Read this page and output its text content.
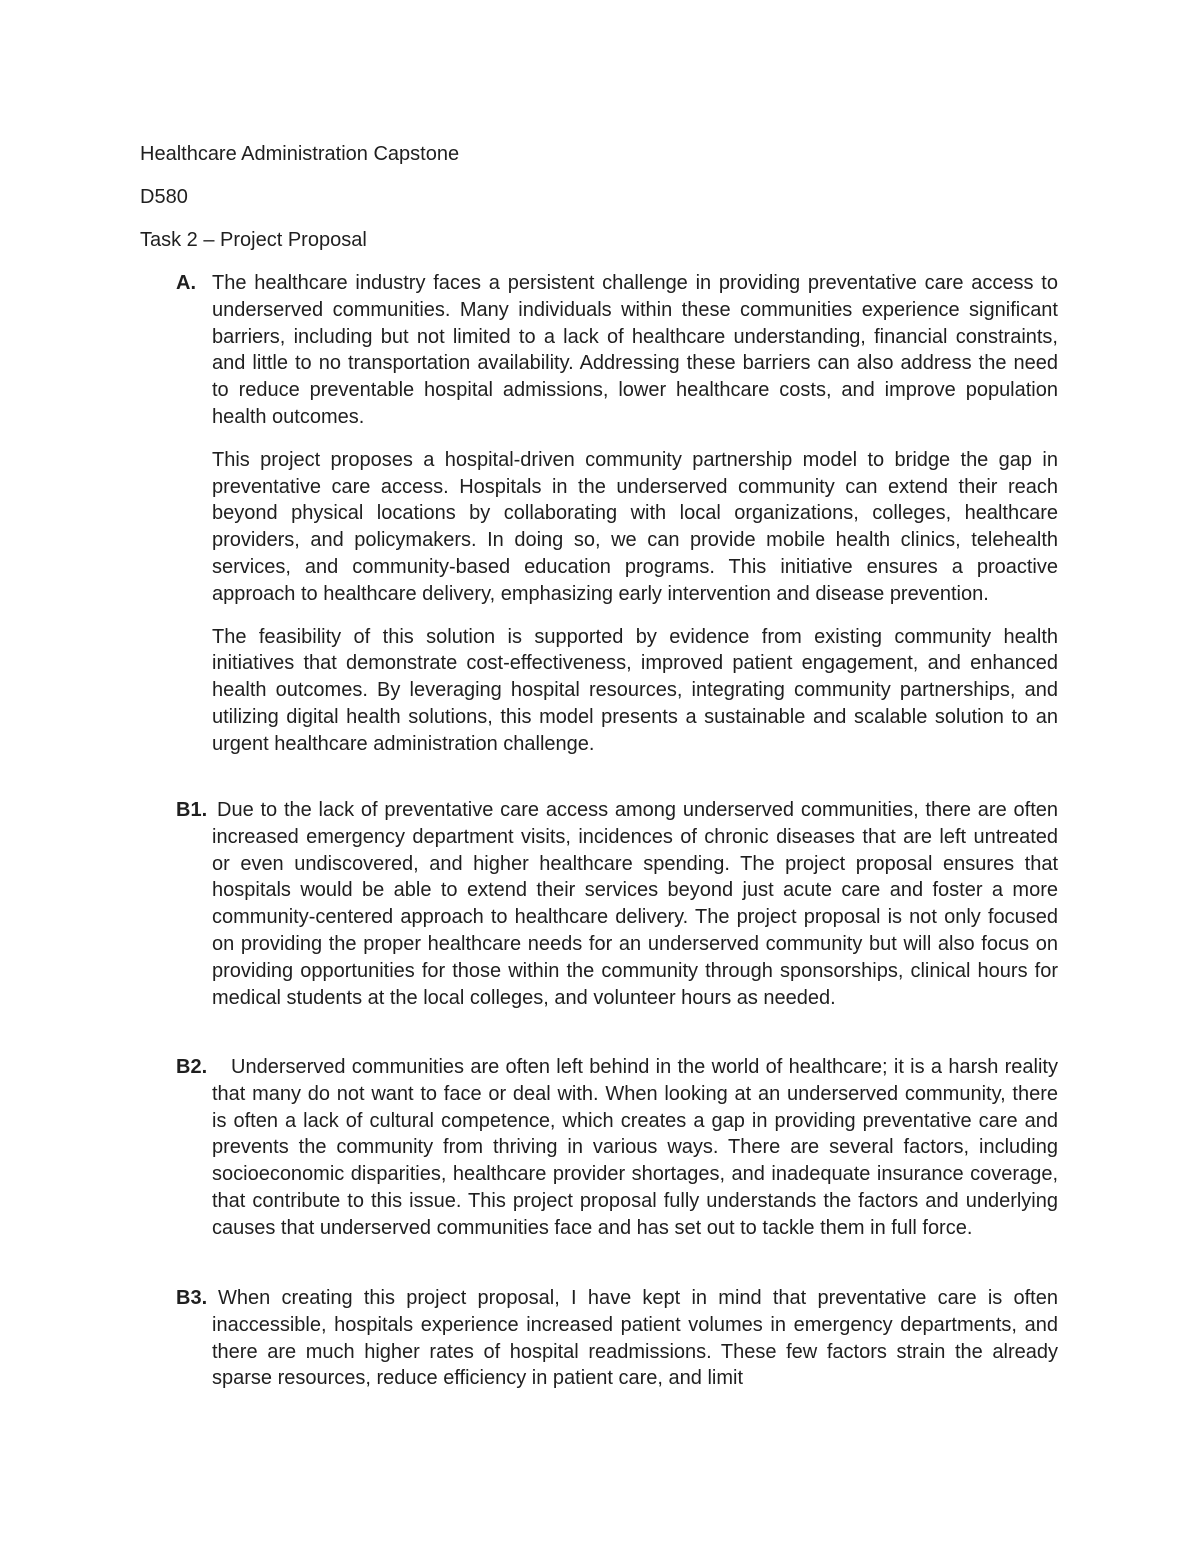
Healthcare Administration Capstone
D580
Task 2 – Project Proposal
A. The healthcare industry faces a persistent challenge in providing preventative care access to underserved communities. Many individuals within these communities experience significant barriers, including but not limited to a lack of healthcare understanding, financial constraints, and little to no transportation availability. Addressing these barriers can also address the need to reduce preventable hospital admissions, lower healthcare costs, and improve population health outcomes.

This project proposes a hospital-driven community partnership model to bridge the gap in preventative care access. Hospitals in the underserved community can extend their reach beyond physical locations by collaborating with local organizations, colleges, healthcare providers, and policymakers. In doing so, we can provide mobile health clinics, telehealth services, and community-based education programs. This initiative ensures a proactive approach to healthcare delivery, emphasizing early intervention and disease prevention.

The feasibility of this solution is supported by evidence from existing community health initiatives that demonstrate cost-effectiveness, improved patient engagement, and enhanced health outcomes. By leveraging hospital resources, integrating community partnerships, and utilizing digital health solutions, this model presents a sustainable and scalable solution to an urgent healthcare administration challenge.

B1. Due to the lack of preventative care access among underserved communities, there are often increased emergency department visits, incidences of chronic diseases that are left untreated or even undiscovered, and higher healthcare spending. The project proposal ensures that hospitals would be able to extend their services beyond just acute care and foster a more community-centered approach to healthcare delivery. The project proposal is not only focused on providing the proper healthcare needs for an underserved community but will also focus on providing opportunities for those within the community through sponsorships, clinical hours for medical students at the local colleges, and volunteer hours as needed.

B2.	Underserved communities are often left behind in the world of healthcare; it is a harsh reality that many do not want to face or deal with. When looking at an underserved community, there is often a lack of cultural competence, which creates a gap in providing preventative care and prevents the community from thriving in various ways. There are several factors, including socioeconomic disparities, healthcare provider shortages, and inadequate insurance coverage, that contribute to this issue. This project proposal fully understands the factors and underlying causes that underserved communities face and has set out to tackle them in full force.

B3. When creating this project proposal, I have kept in mind that preventative care is often inaccessible, hospitals experience increased patient volumes in emergency departments, and there are much higher rates of hospital readmissions. These few factors strain the already sparse resources, reduce efficiency in patient care, and limit
